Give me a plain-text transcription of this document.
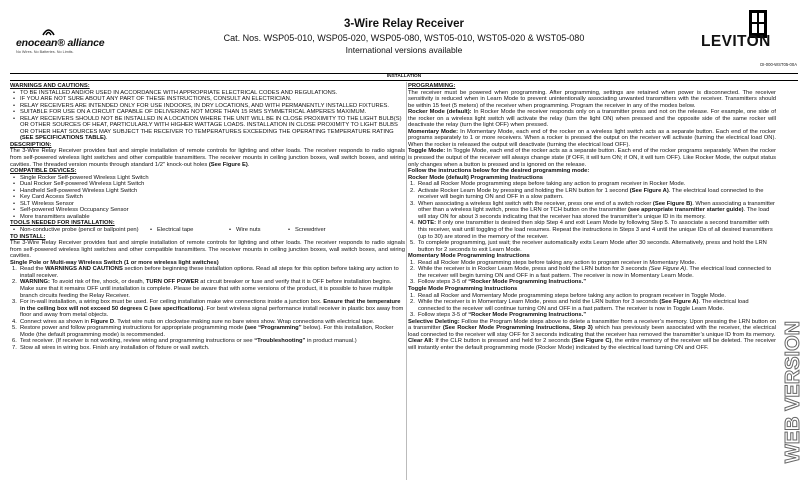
enocean® alliance
No Wires. No Batteries. No Limits.
3-Wire Relay Receiver
Cat. Nos. WSP05-010, WSP05-020, WSP05-080, WST05-010, WST05-020 & WST05-080
International versions available	LEVITON
DI-000-WST05-00A
INSTALLATION
WARNINGS AND CAUTIONS:
• TO BE INSTALLED AND/OR USED IN ACCORDANCE WITH APPROPRIATE ELECTRICAL CODES AND REGULATIONS.
• IF YOU ARE NOT SURE ABOUT ANY PART OF THESE INSTRUCTIONS, CONSULT AN ELECTRICIAN.
• RELAY RECEIVERS ARE INTENDED ONLY FOR USE INDOORS, IN DRY LOCATIONS, AND WITH PERMANENTLY INSTALLED FIXTURES.
• SUITABLE FOR USE ON A CIRCUIT CAPABLE OF DELIVERING NOT MORE THAN 15 RMS SYMMETRICAL AMPERES MAXIMUM.
• RELAY RECEIVERS SHOULD NOT BE INSTALLED IN A LOCATION WHERE THE UNIT WILL BE IN CLOSE PROXIMITY TO THE LIGHT BULB(S) OR OTHER SOURCES OF HEAT, PARTICULARLY WITH HIGHER WATTAGE LOADS. INSTALLATION IN CLOSE PROXIMITY TO LIGHT BULBS OR OTHER HEAT SOURCES MAY SUBJECT THE RECEIVER TO TEMPERATURES EXCEEDING THE OPERATING TEMPERATURE RATING (SEE SPECIFICATIONS TABLE).
DESCRIPTION:
The 3-Wire Relay Receiver provides fast and simple installation of remote controls for lighting and other loads. The receiver responds to radio signals from self-powered wireless light switches and other compatible transmitters. The receiver mounts in ceiling junction boxes, wall switch boxes, and wiring cavities. The threaded version mounts through standard 1/2" knock-out holes (See Figure E).
COMPATIBLE DEVICES:
• Single Rocker Self-powered Wireless Light Switch
• Dual Rocker Self-powered Wireless Light Switch
• Handheld Self-powered Wireless Light Switch
• Key Card Access Switch
• SLT Wireless Sensor
• Self-powered Wireless Occupancy Sensor
• More transmitters available
TOOLS NEEDED FOR INSTALLATION:
• Non-conductive probe (pencil or ballpoint pen)	• Electrical tape	• Wire nuts	• Screwdriver
TO INSTALL:
The 3-Wire Relay Receiver provides fast and simple installation of remote controls for lighting and other loads. The receiver responds to radio signals from self-powered wireless light switches and other compatible transmitters. The receiver mounts in ceiling junction boxes, wall switch boxes, and wiring cavities.
Single Pole or Multi-way Wireless Switch (1 or more wireless light switches)
1. Read the WARNINGS AND CAUTIONS section before beginning these installation options. Read all steps for this option before taking any action to install receiver.
2. WARNING: To avoid risk of fire, shock, or death, TURN OFF POWER at circuit breaker or fuse and verify that it is OFF before installation begins. Make sure that it remains OFF until installation is complete. Please be aware that with some versions of the product, it is possible to have multiple branch circuits feeding the Relay Receiver.
3. For in-wall installation, a wiring box must be used. For ceiling installation make wire connections inside a junction box. Ensure that the temperature in the ceiling box will not exceed 50 degrees C (see specifications). For best wireless signal performance install receiver in plastic box away from floor and away from metal objects.
4. Connect wires as shown in Figure D. Twist wire nuts on clockwise making sure no bare wires show. Wrap connections with electrical tape.
5. Restore power and follow programming instructions for appropriate programming mode (see “Programming” below). For this installation, Rocker Mode (the default programming mode) is recommended.
6. Test receiver. (If receiver is not working, review wiring and programming instructions or see “Troubleshooting” in product manual.)
7. Stow all wires in wiring box. Finish any installation of fixture or wall switch.
PROGRAMMING:
The receiver must be powered when programming. After programming, settings are retained when power is disconnected. The receiver sensitivity is reduced when in Learn Mode to prevent unintentionally associating unwanted transmitters with the receiver. Transmitters should be within 15 feet (5 meters) of the receiver when programming. Program the receiver in any of the modes below.
Rocker Mode (default): In Rocker Mode the receiver responds only on a transmitter press and not on the release. For example, one side of the rocker on a wireless light switch will activate the relay (turn the light ON) when pressed and the opposite side of the same rocker will deactivate the relay (turn the light OFF) when pressed.
Momentary Mode: In Momentary Mode, each end of the rocker on a wireless light switch acts as a separate button. Each end of the rocker programs separately to 1 or more receivers. When a rocker is pressed the output on the receiver will activate (turning the electrical load ON). When the rocker is released the output will deactivate (turning the electrical load OFF).
Toggle Mode: In Toggle Mode, each end of the rocker acts as a separate button. Each end of the rocker programs separately. When the rocker is pressed the output of the receiver will always change state (if OFF, it will turn ON; if ON, it will turn OFF). Like Rocker Mode, the output status only changes when a button is pressed and is ignored on the release.
Follow the instructions below for the desired programming mode:
Rocker Mode (default) Programming Instructions
1. Read all Rocker Mode programming steps before taking any action to program receiver in Rocker Mode.
2. Activate Rocker Learn Mode by pressing and holding the LRN button for 1 second (See Figure A). The electrical load connected to the receiver will begin turning ON and OFF in a slow pattern.
3. When associating a wireless light switch with the receiver, press one end of a switch rocker (See Figure B). When associating a transmitter other than a wireless light switch, press the LRN or TCH button on the transmitter (see appropriate transmitter starter guide). The load will stay ON for about 3 seconds indicating that the receiver has stored the transmitter’s unique ID in its memory.
4. NOTE: If only one transmitter is desired then skip Step 4 and exit Learn Mode by following Step 5. To associate a second transmitter with this receiver, wait until toggling of the load resumes. Repeat the instructions in Steps 3 and 4 until the unique IDs of all desired transmitters (up to 30) are stored in the memory of the receiver.
5. To complete programming, just wait; the receiver automatically exits Learn Mode after 30 seconds. Alternatively, press and hold the LRN button for 2 seconds to exit Learn Mode.
Momentary Mode Programming Instructions
1. Read all Rocker Mode programming steps before taking any action to program receiver in Momentary Mode.
2. While the receiver is in Rocker Learn Mode, press and hold the LRN button for 3 seconds (See Figure A). The electrical load connected to the receiver will begin turning ON and OFF in a fast pattern. The receiver is now in Momentary Learn Mode.
3. Follow steps 3-5 of “Rocker Mode Programming Instructions.”
Toggle Mode Programming Instructions
1. Read all Rocker and Momentary Mode programming steps before taking any action to program receiver in Toggle Mode.
2. While the receiver is in Momentary Learn Mode, press and hold the LRN button for 3 seconds (See Figure A). The electrical load connected to the receiver will continue turning ON and OFF in a fast pattern. The receiver is now in Toggle Learn Mode.
3. Follow steps 3-5 of “Rocker Mode Programming Instructions.”
Selective Deleting: Follow the Program Mode steps above to delete a transmitter from a receiver’s memory. Upon pressing the LRN button on a transmitter (See Rocker Mode Programming Instructions, Step 3) which has previously been associated with the receiver, the electrical load connected to the receiver will stay OFF for 3 seconds indicating that the receiver has removed the transmitter’s unique ID from its memory.
Clear All: If the CLR button is pressed and held for 2 seconds (See Figure C), the entire memory of the receiver will be deleted. The receiver will instantly enter the default programming mode (Rocker Mode) indicated by the electrical load turning ON and OFF.	WEB VERSION
